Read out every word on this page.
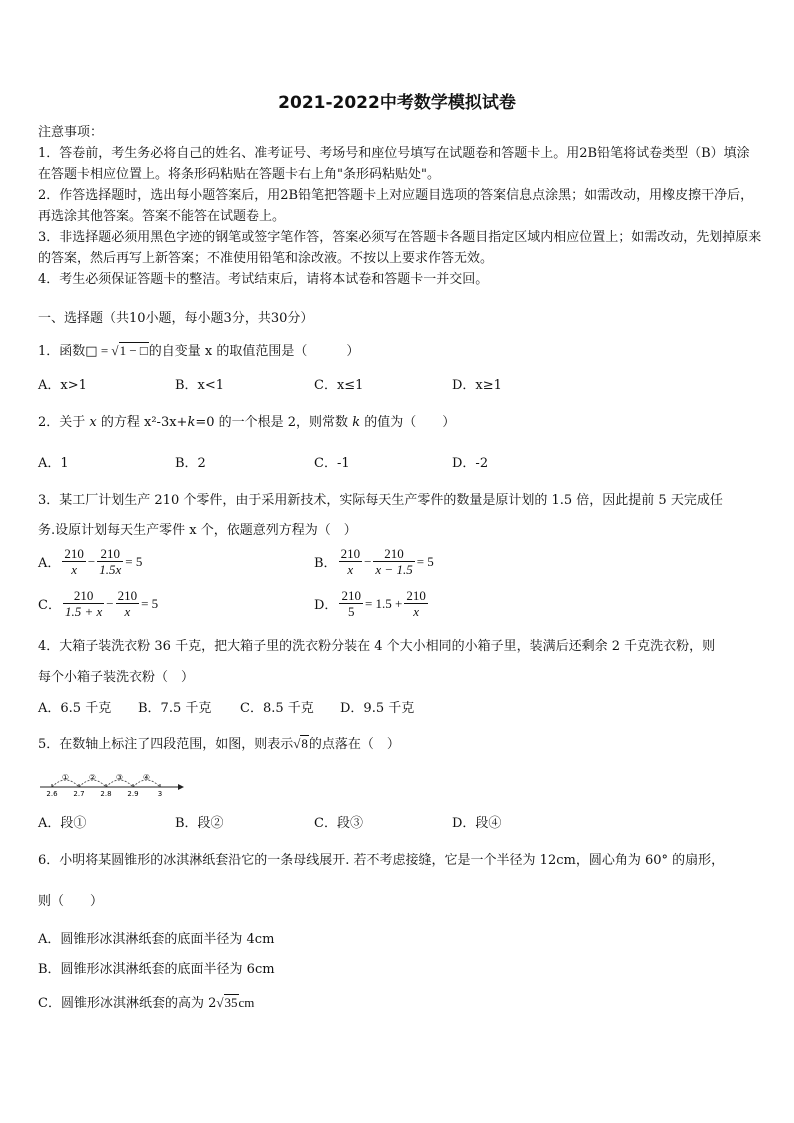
2021-2022中考数学模拟试卷
注意事项：
1．答卷前，考生务必将自己的姓名、准考证号、考场号和座位号填写在试题卷和答题卡上。用2B铅笔将试卷类型（B）填涂在答题卡相应位置上。将条形码粘贴在答题卡右上角"条形码粘贴处"。
2．作答选择题时，选出每小题答案后，用2B铅笔把答题卡上对应题目选项的答案信息点涂黑；如需改动，用橡皮擦干净后，再选涂其他答案。答案不能答在试题卷上。
3．非选择题必须用黑色字迹的钢笔或签字笔作答，答案必须写在答题卡各题目指定区域内相应位置上；如需改动，先划掉原来的答案，然后再写上新答案；不准使用铅笔和涂改液。不按以上要求作答无效。
4．考生必须保证答题卡的整洁。考试结束后，请将本试卷和答题卡一并交回。
一、选择题（共10小题，每小题3分，共30分）
1．函数□ = √1 − □的自变量 x 的取值范围是（　　　）
A．x>1	B．x<1	C．x≤1	D．x≥1
2．关于 x 的方程 x²-3x+k=0 的一个根是 2，则常数 k 的值为（　　）
A．1	B．2	C．-1	D．-2
3．某工厂计划生产 210 个零件，由于采用新技术，实际每天生产零件的数量是原计划的 1.5 倍，因此提前 5 天完成任
务.设原计划每天生产零件 x 个，依题意列方程为（　）
A． $\frac{210}{x} - \frac{210}{1.5x} = 5$	B． $\frac{210}{x} - \frac{210}{x - 1.5} = 5$
C． $\frac{210}{1.5 + x} - \frac{210}{x} = 5$	D． $\frac{210}{5} = 1.5 + \frac{210}{x}$
4．大箱子装洗衣粉 36 千克，把大箱子里的洗衣粉分装在 4 个大小相同的小箱子里，装满后还剩余 2 千克洗衣粉，则
每个小箱子装洗衣粉（　）
A．6.5 千克 B．7.5 千克 C．8.5 千克 D．9.5 千克
5．在数轴上标注了四段范围，如图，则表示√8的点落在（　）
2.6 2.7 2.8 2.9	3
① ② ③ ④
A．段①	B．段②	C．段③	D．段④
6．小明将某圆锥形的冰淇淋纸套沿它的一条母线展开. 若不考虑接缝，它是一个半径为 12cm，圆心角为 60° 的扇形，
则（　　）
A．圆锥形冰淇淋纸套的底面半径为 4cm
B．圆锥形冰淇淋纸套的底面半径为 6cm
C．圆锥形冰淇淋纸套的高为 2√35cm
